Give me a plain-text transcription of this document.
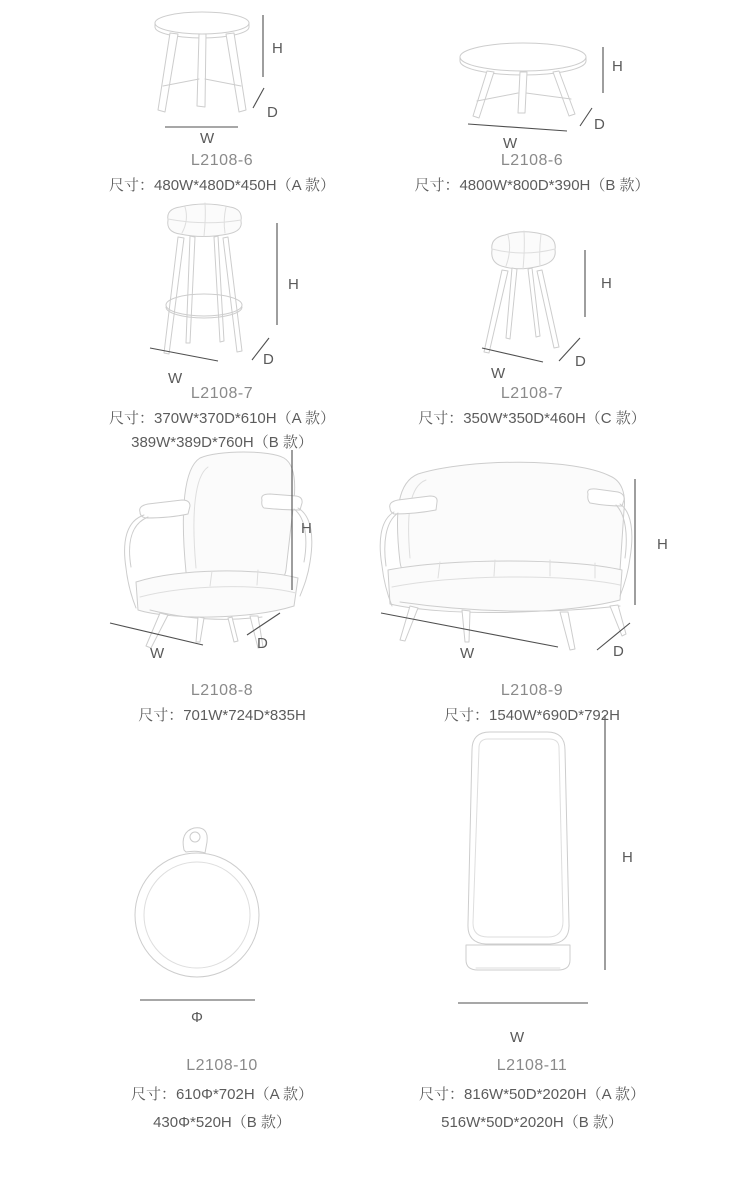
H
D
W
H
D
W
H
D
W
H
D
W
H
D
W
H
D
W
Φ
H
W
L2108-6
尺寸：480W*480D*450H（A 款）
L2108-6
尺寸：4800W*800D*390H（B 款）
L2108-7
尺寸：370W*370D*610H（A 款）
389W*389D*760H（B 款）
L2108-7
尺寸：350W*350D*460H（C 款）
L2108-8
尺寸：701W*724D*835H
L2108-9
尺寸：1540W*690D*792H
L2108-10
尺寸：610Φ*702H（A 款）
430Φ*520H（B 款）
L2108-11
尺寸：816W*50D*2020H（A 款）
516W*50D*2020H（B 款）
